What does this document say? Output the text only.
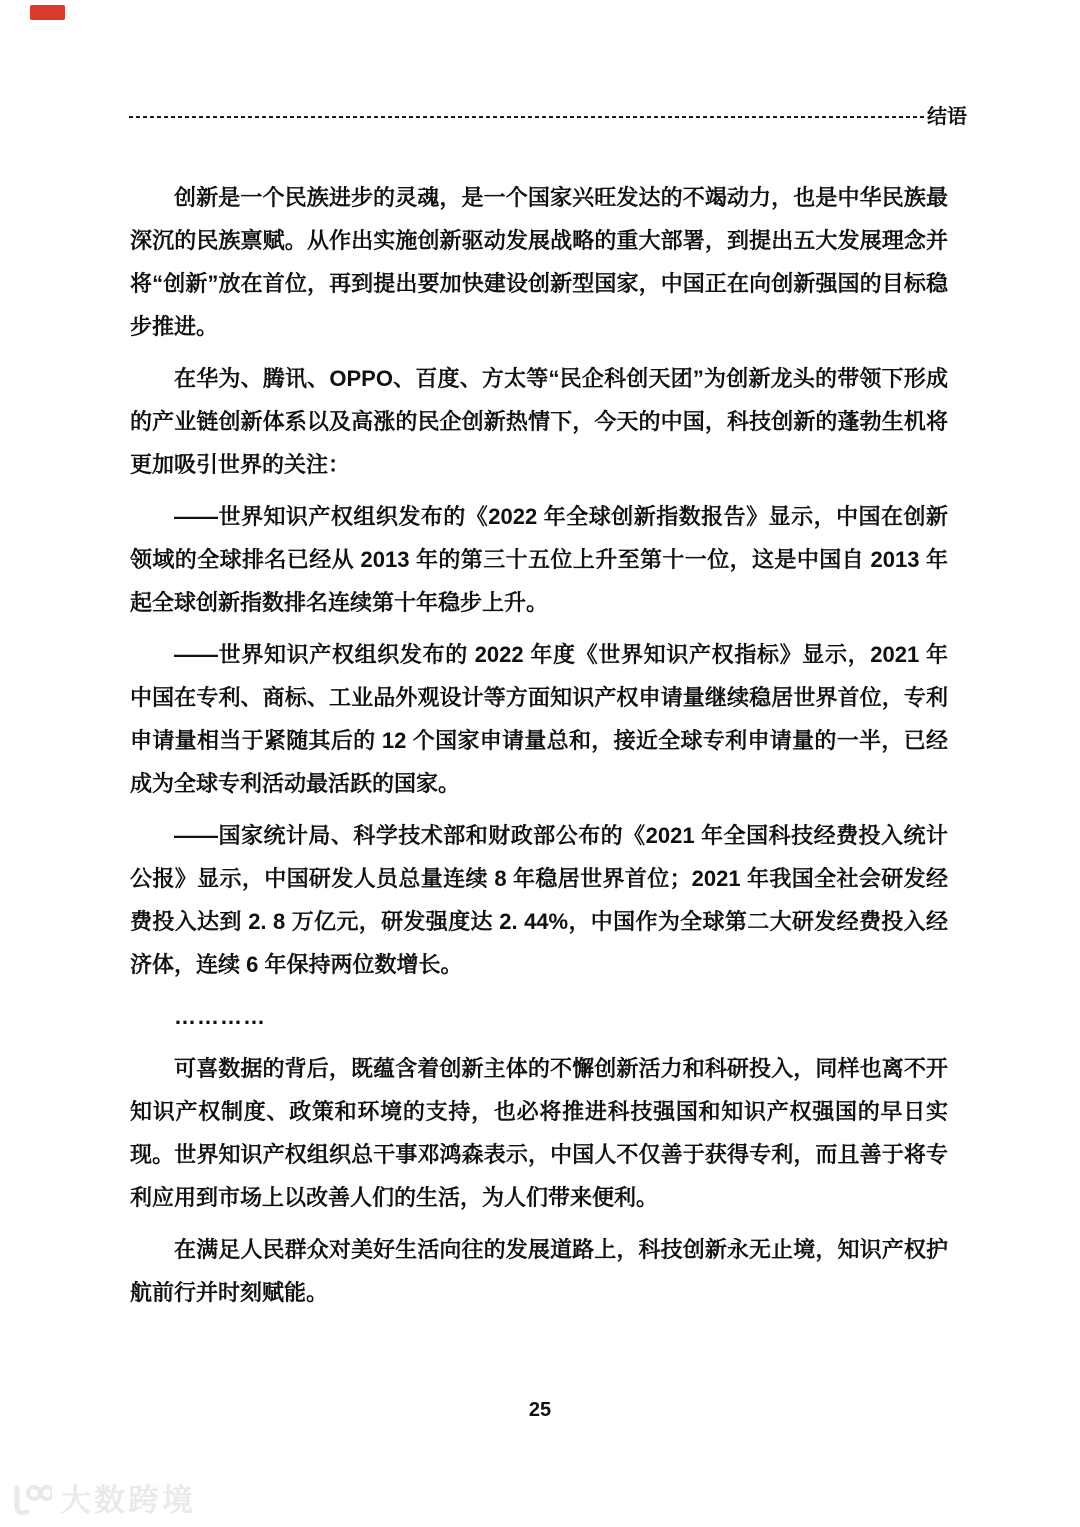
结语

创新是一个民族进步的灵魂，是一个国家兴旺发达的不竭动力，也是中华民族最深沉的民族禀赋。从作出实施创新驱动发展战略的重大部署，到提出五大发展理念并将“创新”放在首位，再到提出要加快建设创新型国家，中国正在向创新强国的目标稳步推进。

在华为、腾讯、OPPO、百度、方太等“民企科创天团”为创新龙头的带领下形成的产业链创新体系以及高涨的民企创新热情下，今天的中国，科技创新的蓬勃生机将更加吸引世界的关注：

——世界知识产权组织发布的《2022 年全球创新指数报告》显示，中国在创新领域的全球排名已经从 2013 年的第三十五位上升至第十一位，这是中国自 2013 年起全球创新指数排名连续第十年稳步上升。

——世界知识产权组织发布的 2022 年度《世界知识产权指标》显示，2021 年中国在专利、商标、工业品外观设计等方面知识产权申请量继续稳居世界首位，专利申请量相当于紧随其后的 12 个国家申请量总和，接近全球专利申请量的一半，已经成为全球专利活动最活跃的国家。

——国家统计局、科学技术部和财政部公布的《2021 年全国科技经费投入统计公报》显示，中国研发人员总量连续 8 年稳居世界首位；2021 年我国全社会研发经费投入达到 2. 8 万亿元，研发强度达 2. 44%，中国作为全球第二大研发经费投入经济体，连续 6 年保持两位数增长。

…………

可喜数据的背后，既蕴含着创新主体的不懈创新活力和科研投入，同样也离不开知识产权制度、政策和环境的支持，也必将推进科技强国和知识产权强国的早日实现。世界知识产权组织总干事邓鸿森表示，中国人不仅善于获得专利，而且善于将专利应用到市场上以改善人们的生活，为人们带来便利。

在满足人民群众对美好生活向往的发展道路上，科技创新永无止境，知识产权护航前行并时刻赋能。

25
大数跨境
